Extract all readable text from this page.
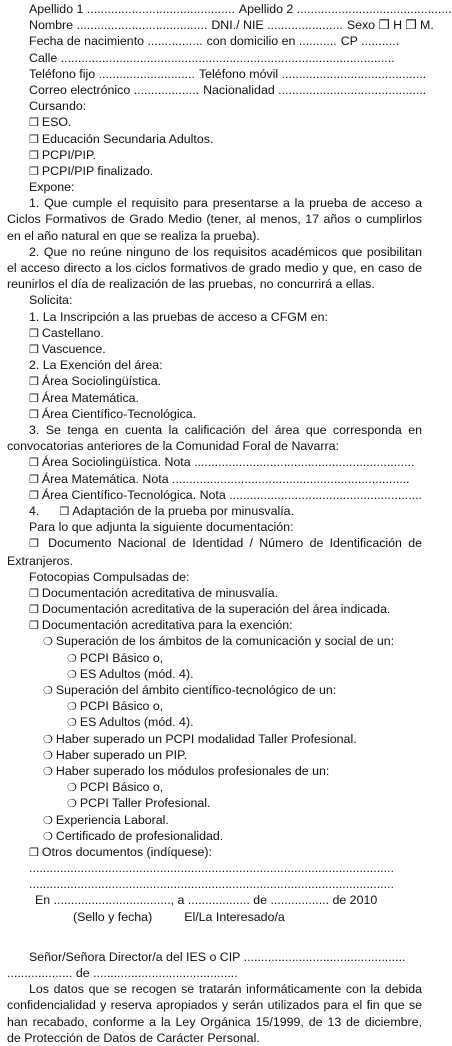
Apellido 1 ........................................... Apellido 2 .............................................
Nombre ...................................... DNI./ NIE ...................... Sexo ❒ H ❒ M.
Fecha de nacimiento ................ con domicilio en ........... CP ...........
Calle .................................................................................................
Teléfono fijo ............................ Teléfono móvil ..........................................
Correo electrónico ................... Nacionalidad ...........................................
Cursando:
❒ ESO.
❒ Educación Secundaria Adultos.
❒ PCPI/PIP.
❒ PCPI/PIP finalizado.
Expone:
1. Que cumple el requisito para presentarse a la prueba de acceso a Ciclos Formativos de Grado Medio (tener, al menos, 17 años o cumplirlos en el año natural en que se realiza la prueba).
2. Que no reúne ninguno de los requisitos académicos que posibilitan el acceso directo a los ciclos formativos de grado medio y que, en caso de reunirlos el día de realización de las pruebas, no concurrirá a ellas.
Solicita:
1. La Inscripción a las pruebas de acceso a CFGM en:
❒ Castellano.
❒ Vascuence.
2. La Exención del área:
❒ Área Sociolingüística.
❒ Área Matemática.
❒ Área Científico-Tecnológica.
3. Se tenga en cuenta la calificación del área que corresponda en convocatorias anteriores de la Comunidad Foral de Navarra:
❒ Área Sociolingüística. Nota ................................................................
❒ Área Matemática. Nota .....................................................................
❒ Área Científico-Tecnológica. Nota ........................................................
4. ❒ Adaptación de la prueba por minusvalía.
Para lo que adjunta la siguiente documentación:
❒ Documento Nacional de Identidad / Número de Identificación de Extranjeros.
Fotocopias Compulsadas de:
❒ Documentación acreditativa de minusvalía.
❒ Documentación acreditativa de la superación del área indicada.
❒ Documentación acreditativa para la exención:
❍ Superación de los ámbitos de la comunicación y social de un:
❍ PCPI Básico o,
❍ ES Adultos (mód. 4).
❍ Superación del ámbito científico-tecnológico de un:
❍ PCPI Básico o,
❍ ES Adultos (mód. 4).
❍ Haber superado un PCPI modalidad Taller Profesional.
❍ Haber superado un PIP.
❍ Haber superado los módulos profesionales de un:
❍ PCPI Básico o,
❍ PCPI Taller Profesional.
❍ Experiencia Laboral.
❍ Certificado de profesionalidad.
❒ Otros documentos (indíquese):
..........................................................................................................
..........................................................................................................
En .................................., a .................. de ................. de 2010
(Sello y fecha)	El/La Interesado/a
Señor/Señora Director/a del IES o CIP ...............................................
................... de ..........................................
Los datos que se recogen se tratarán informáticamente con la debida confidencialidad y reserva apropiados y serán utilizados para el fin que se han recabado, conforme a la Ley Orgánica 15/1999, de 13 de diciembre, de Protección de Datos de Carácter Personal.
